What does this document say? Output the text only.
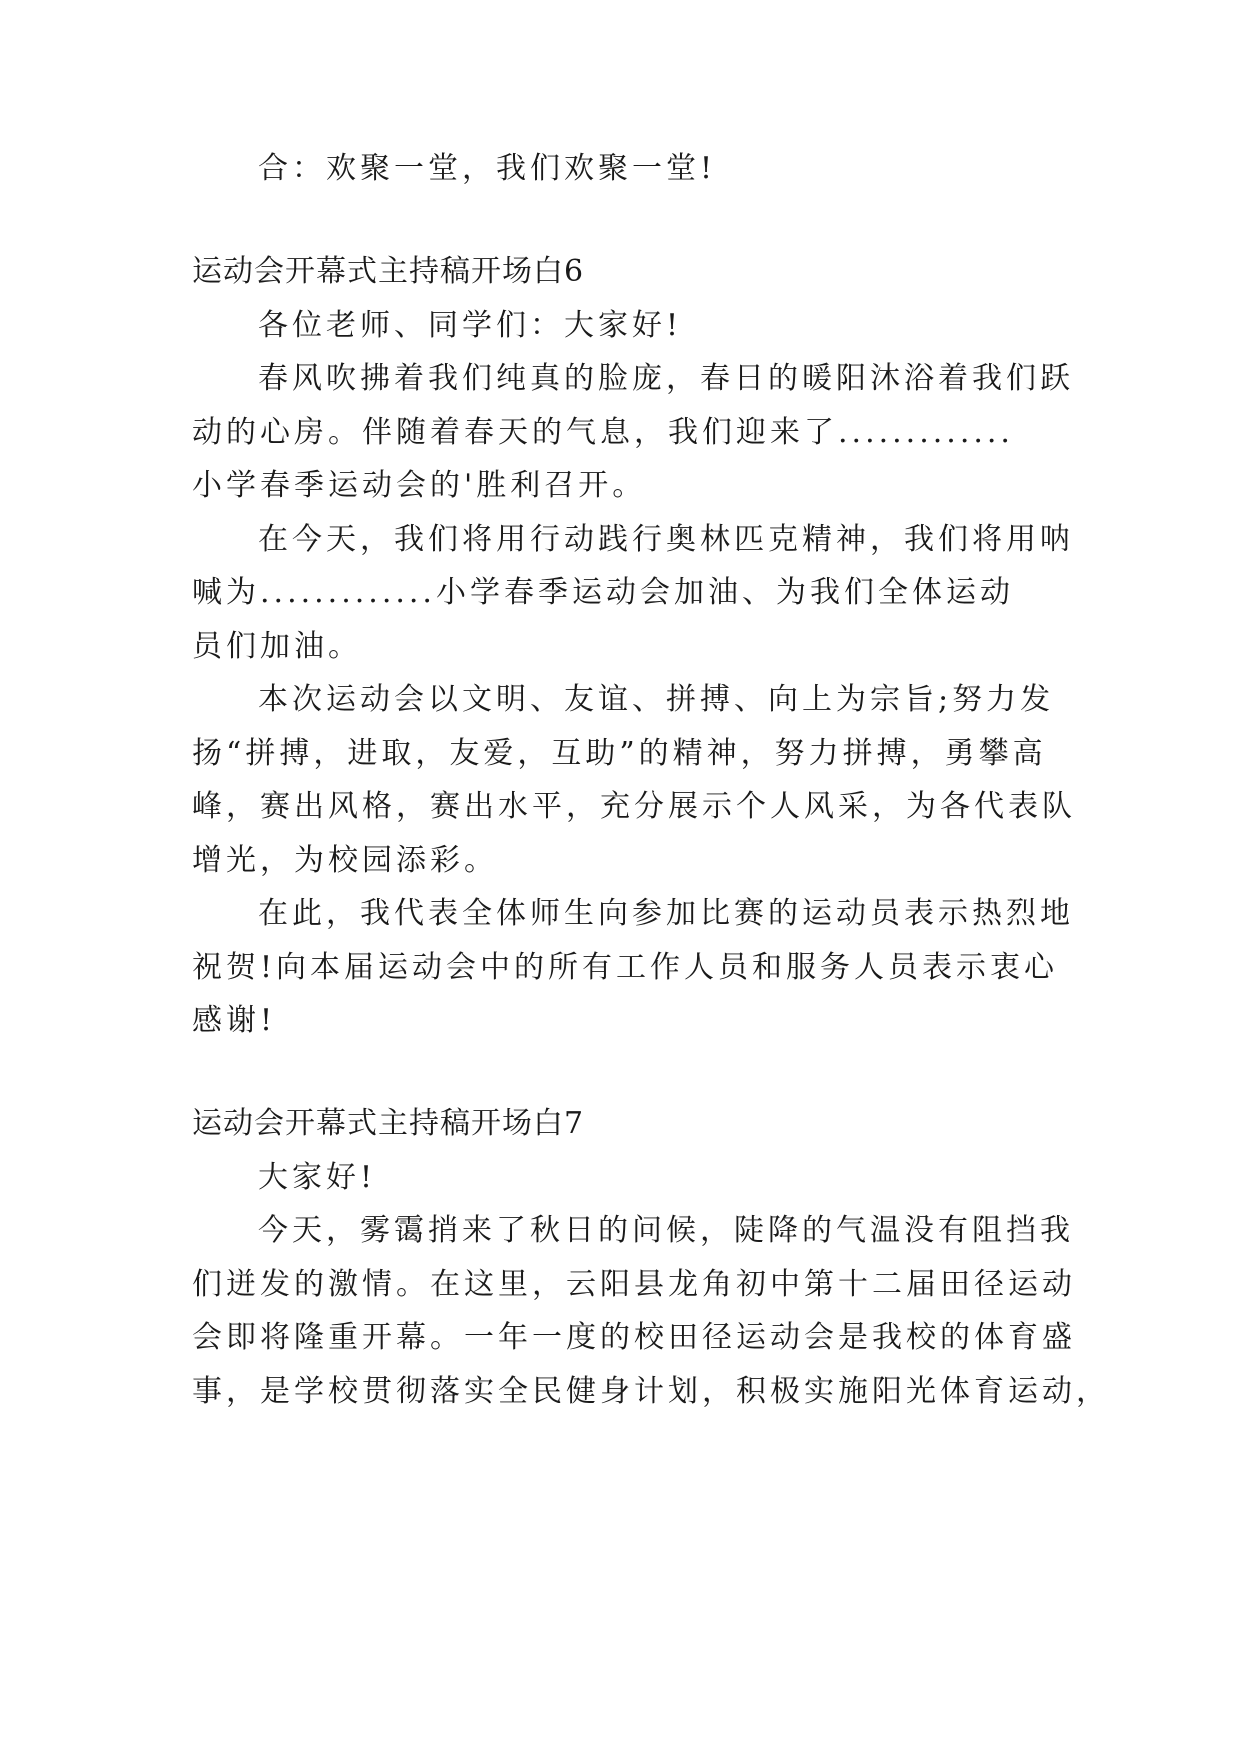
合：欢聚一堂，我们欢聚一堂!

运动会开幕式主持稿开场白6

各位老师、同学们：大家好!

春风吹拂着我们纯真的脸庞，春日的暖阳沐浴着我们跃

动的心房。伴随着春天的气息，我们迎来了.............

小学春季运动会的'胜利召开。

在今天，我们将用行动践行奥林匹克精神，我们将用呐

喊为.............小学春季运动会加油、为我们全体运动

员们加油。

本次运动会以文明、友谊、拼搏、向上为宗旨;努力发

扬“拼搏，进取，友爱，互助”的精神，努力拼搏，勇攀高

峰，赛出风格，赛出水平，充分展示个人风采，为各代表队

增光，为校园添彩。

在此，我代表全体师生向参加比赛的运动员表示热烈地

祝贺!向本届运动会中的所有工作人员和服务人员表示衷心

感谢!

运动会开幕式主持稿开场白7

大家好!

今天，雾霭捎来了秋日的问候，陡降的气温没有阻挡我

们迸发的激情。在这里，云阳县龙角初中第十二届田径运动

会即将隆重开幕。一年一度的校田径运动会是我校的体育盛

事，是学校贯彻落实全民健身计划，积极实施阳光体育运动，
